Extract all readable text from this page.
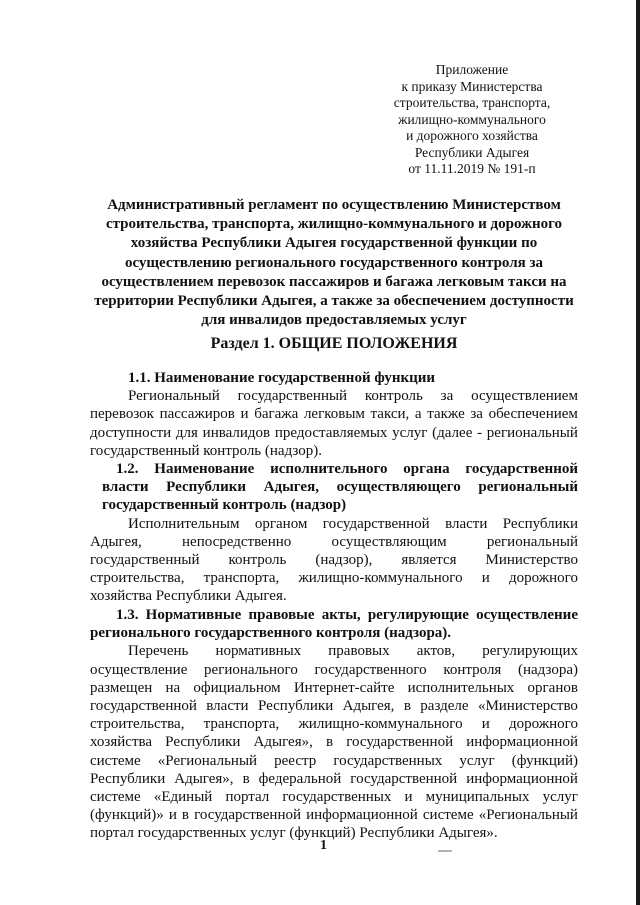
Приложение
к приказу Министерства
строительства, транспорта,
жилищно-коммунального
и дорожного хозяйства
Республики Адыгея
от 11.11.2019 № 191-п
Административный регламент по осуществлению Министерством
строительства, транспорта, жилищно-коммунального и дорожного
хозяйства Республики Адыгея государственной функции по
осуществлению регионального государственного контроля за
осуществлением перевозок пассажиров и багажа легковым такси на
территории Республики Адыгея, а также за обеспечением доступности
для инвалидов предоставляемых услуг
Раздел 1. ОБЩИЕ ПОЛОЖЕНИЯ
1.1. Наименование государственной функции
Региональный государственный контроль за осуществлением
перевозок пассажиров и багажа легковым такси, а также за обеспечением
доступности для инвалидов предоставляемых услуг (далее - региональный
государственный контроль (надзор).
1.2. Наименование исполнительного органа государственной
власти Республики Адыгея, осуществляющего региональный
государственный контроль (надзор)
Исполнительным органом государственной власти Республики
Адыгея,	непосредственно	осуществляющим	региональный
государственный контроль (надзор), является Министерство
строительства, транспорта, жилищно-коммунального и дорожного
хозяйства Республики Адыгея.
1.3. Нормативные правовые акты, регулирующие осуществление
регионального государственного контроля (надзора).
Перечень нормативных правовых актов, регулирующих
осуществление регионального государственного контроля (надзора)
размещен на официальном Интернет-сайте исполнительных органов
государственной власти Республики Адыгея, в разделе «Министерство
строительства, транспорта, жилищно-коммунального и дорожного
хозяйства Республики Адыгея», в государственной информационной
системе «Региональный реестр государственных услуг (функций)
Республики Адыгея», в федеральной государственной информационной
системе «Единый портал государственных и муниципальных услуг
(функций)» и в государственной информационной системе «Региональный
портал государственных услуг (функций) Республики Адыгея».
1
